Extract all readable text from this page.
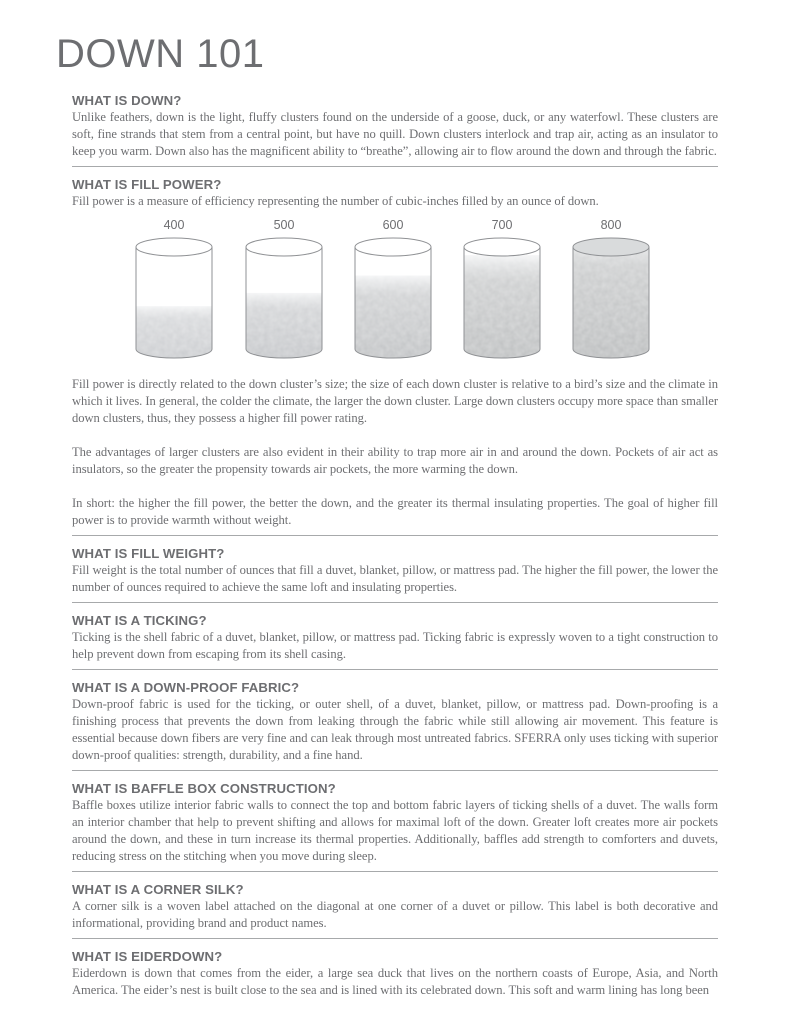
DOWN 101
WHAT IS DOWN?

Unlike feathers, down is the light, fluffy clusters found on the underside of a goose, duck, or any waterfowl. These clusters are soft, fine strands that stem from a central point, but have no quill. Down clusters interlock and trap air, acting as an insulator to keep you warm. Down also has the magnificent ability to “breathe”, allowing air to flow around the down and through the fabric.

WHAT IS FILL POWER?

Fill power is a measure of efficiency representing the number of cubic-inches filled by an ounce of down.

400	500	600	700	800

Fill power is directly related to the down cluster’s size; the size of each down cluster is relative to a bird’s size and the climate in which it lives. In general, the colder the climate, the larger the down cluster. Large down clusters occupy more space than smaller down clusters, thus, they possess a higher fill power rating.

The advantages of larger clusters are also evident in their ability to trap more air in and around the down. Pockets of air act as insulators, so the greater the propensity towards air pockets, the more warming the down.

In short: the higher the fill power, the better the down, and the greater its thermal insulating properties. The goal of higher fill power is to provide warmth without weight.

WHAT IS FILL WEIGHT?

Fill weight is the total number of ounces that fill a duvet, blanket, pillow, or mattress pad. The higher the fill power, the lower the number of ounces required to achieve the same loft and insulating properties.

WHAT IS A TICKING?

Ticking is the shell fabric of a duvet, blanket, pillow, or mattress pad. Ticking fabric is expressly woven to a tight construction to help prevent down from escaping from its shell casing.

WHAT IS A DOWN-PROOF FABRIC?

Down-proof fabric is used for the ticking, or outer shell, of a duvet, blanket, pillow, or mattress pad. Down-proofing is a finishing process that prevents the down from leaking through the fabric while still allowing air movement. This feature is essential because down fibers are very fine and can leak through most untreated fabrics. SFERRA only uses ticking with superior down-proof qualities: strength, durability, and a fine hand.

WHAT IS BAFFLE BOX CONSTRUCTION?

Baffle boxes utilize interior fabric walls to connect the top and bottom fabric layers of ticking shells of a duvet. The walls form an interior chamber that help to prevent shifting and allows for maximal loft of the down. Greater loft creates more air pockets around the down, and these in turn increase its thermal properties. Additionally, baffles add strength to comforters and duvets, reducing stress on the stitching when you move during sleep.

WHAT IS A CORNER SILK?

A corner silk is a woven label attached on the diagonal at one corner of a duvet or pillow. This label is both decorative and informational, providing brand and product names.

WHAT IS EIDERDOWN?

Eiderdown is down that comes from the eider, a large sea duck that lives on the northern coasts of Europe, Asia, and North America. The eider’s nest is built close to the sea and is lined with its celebrated down. This soft and warm lining has long been
